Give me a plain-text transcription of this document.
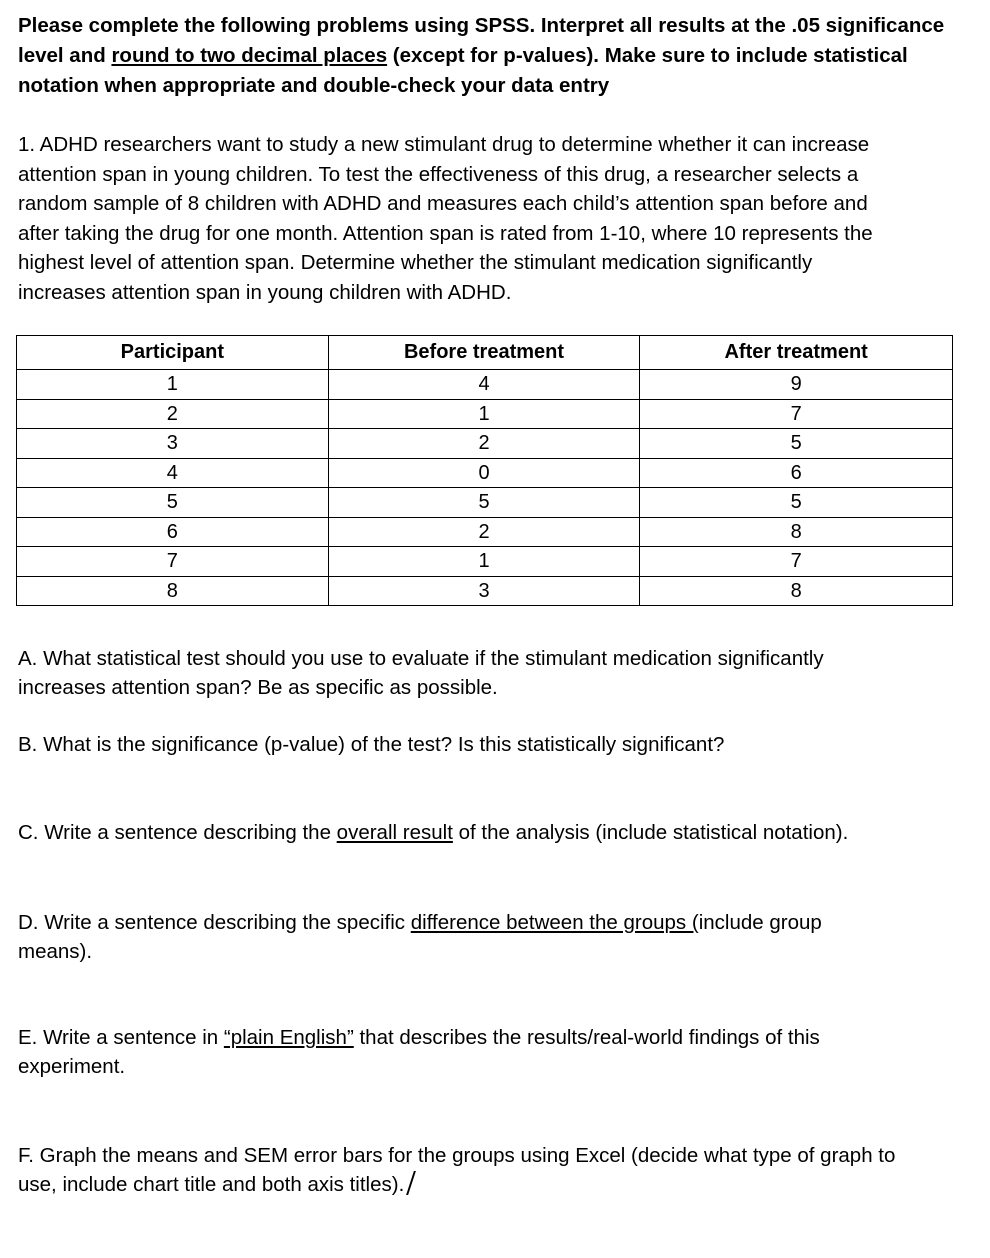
Please complete the following problems using SPSS. Interpret all results at the .05 significance
level and round to two decimal places (except for p-values). Make sure to include statistical
notation when appropriate and double-check your data entry
1. ADHD researchers want to study a new stimulant drug to determine whether it can increase
attention span in young children. To test the effectiveness of this drug, a researcher selects a
random sample of 8 children with ADHD and measures each child’s attention span before and
after taking the drug for one month. Attention span is rated from 1-10, where 10 represents the
highest level of attention span. Determine whether the stimulant medication significantly
increases attention span in young children with ADHD.
Participant	Before treatment	After treatment
1	4	9
2	1	7
3	2	5
4	0	6
5	5	5
6	2	8
7	1	7
8	3	8
A. What statistical test should you use to evaluate if the stimulant medication significantly
increases attention span? Be as specific as possible.
B. What is the significance (p-value) of the test? Is this statistically significant?
C. Write a sentence describing the overall result of the analysis (include statistical notation).
D. Write a sentence describing the specific difference between the groups (include group
means).
E. Write a sentence in “plain English” that describes the results/real-world findings of this
experiment.
F. Graph the means and SEM error bars for the groups using Excel (decide what type of graph to
use, include chart title and both axis titles).
